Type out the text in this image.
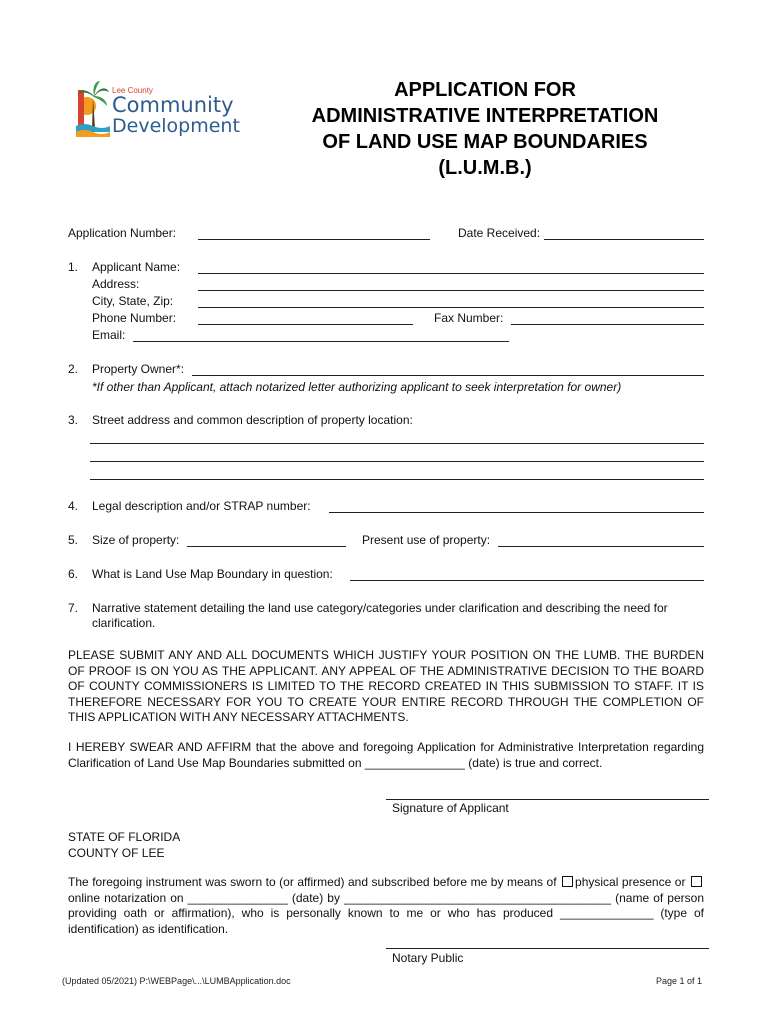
Lee County
Community
Development
APPLICATION FOR
ADMINISTRATIVE INTERPRETATION
OF LAND USE MAP BOUNDARIES
(L.U.M.B.)
Application Number:	Date Received:
1. Applicant Name:
Address:
City, State, Zip:
Phone Number:	Fax Number:
Email:
2. Property Owner*:
*If other than Applicant, attach notarized letter authorizing applicant to seek interpretation for owner)
3. Street address and common description of property location:
4. Legal description and/or STRAP number:
5. Size of property:	Present use of property:
6. What is Land Use Map Boundary in question:
7. Narrative statement detailing the land use category/categories under clarification and describing the need for
clarification.
PLEASE SUBMIT ANY AND ALL DOCUMENTS WHICH JUSTIFY YOUR POSITION ON THE LUMB. THE BURDEN OF PROOF IS ON YOU AS THE APPLICANT. ANY APPEAL OF THE ADMINISTRATIVE DECISION TO THE BOARD OF COUNTY COMMISSIONERS IS LIMITED TO THE RECORD CREATED IN THIS SUBMISSION TO STAFF. IT IS THEREFORE NECESSARY FOR YOU TO CREATE YOUR ENTIRE RECORD THROUGH THE COMPLETION OF THIS APPLICATION WITH ANY NECESSARY ATTACHMENTS.
I HEREBY SWEAR AND AFFIRM that the above and foregoing Application for Administrative Interpretation regarding Clarification of Land Use Map Boundaries submitted on _______________ (date) is true and correct.
Signature of Applicant
STATE OF FLORIDA
COUNTY OF LEE
The foregoing instrument was sworn to (or affirmed) and subscribed before me by means of physical presence or online notarization on _______________ (date) by ________________________________________ (name of person providing oath or affirmation), who is personally known to me or who has produced ______________ (type of identification) as identification.
Notary Public
(Updated 05/2021) P:\WEBPage\...\LUMBApplication.doc	Page 1 of 1
